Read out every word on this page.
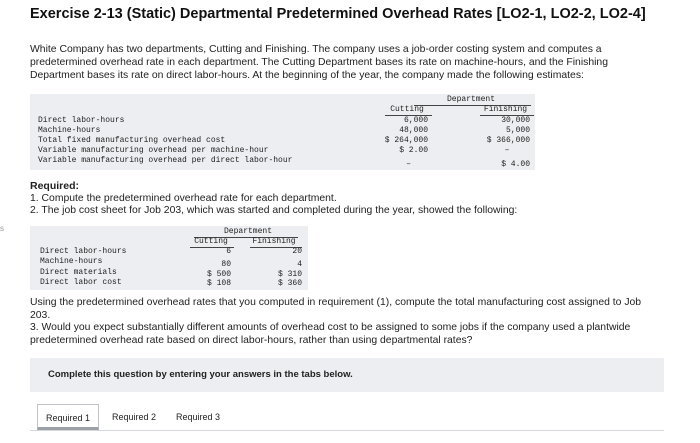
Exercise 2-13 (Static) Departmental Predetermined Overhead Rates [LO2-1, LO2-2, LO2-4]
White Company has two departments, Cutting and Finishing. The company uses a job-order costing system and computes a predetermined overhead rate in each department. The Cutting Department bases its rate on machine-hours, and the Finishing Department bases its rate on direct labor-hours. At the beginning of the year, the company made the following estimates:
Department
Cutting	Finishing
Direct labor-hours	6,000	30,000
Machine-hours	48,000	5,000
Total fixed manufacturing overhead cost	$ 264,000	$ 366,000
Variable manufacturing overhead per machine-hour	$ 2.00	–
Variable manufacturing overhead per direct labor-hour	–	$ 4.00
Required:
1. Compute the predetermined overhead rate for each department.
2. The job cost sheet for Job 203, which was started and completed during the year, showed the following:
s	Department
Cutting	Finishing
Direct labor-hours	6	20
Machine-hours	80	4
Direct materials	$ 500	$ 310
Direct labor cost	$ 108	$ 360
Using the predetermined overhead rates that you computed in requirement (1), compute the total manufacturing cost assigned to Job 203.
3. Would you expect substantially different amounts of overhead cost to be assigned to some jobs if the company used a plantwide predetermined overhead rate based on direct labor-hours, rather than using departmental rates?
Complete this question by entering your answers in the tabs below.
Required 1	Required 2	Required 3
